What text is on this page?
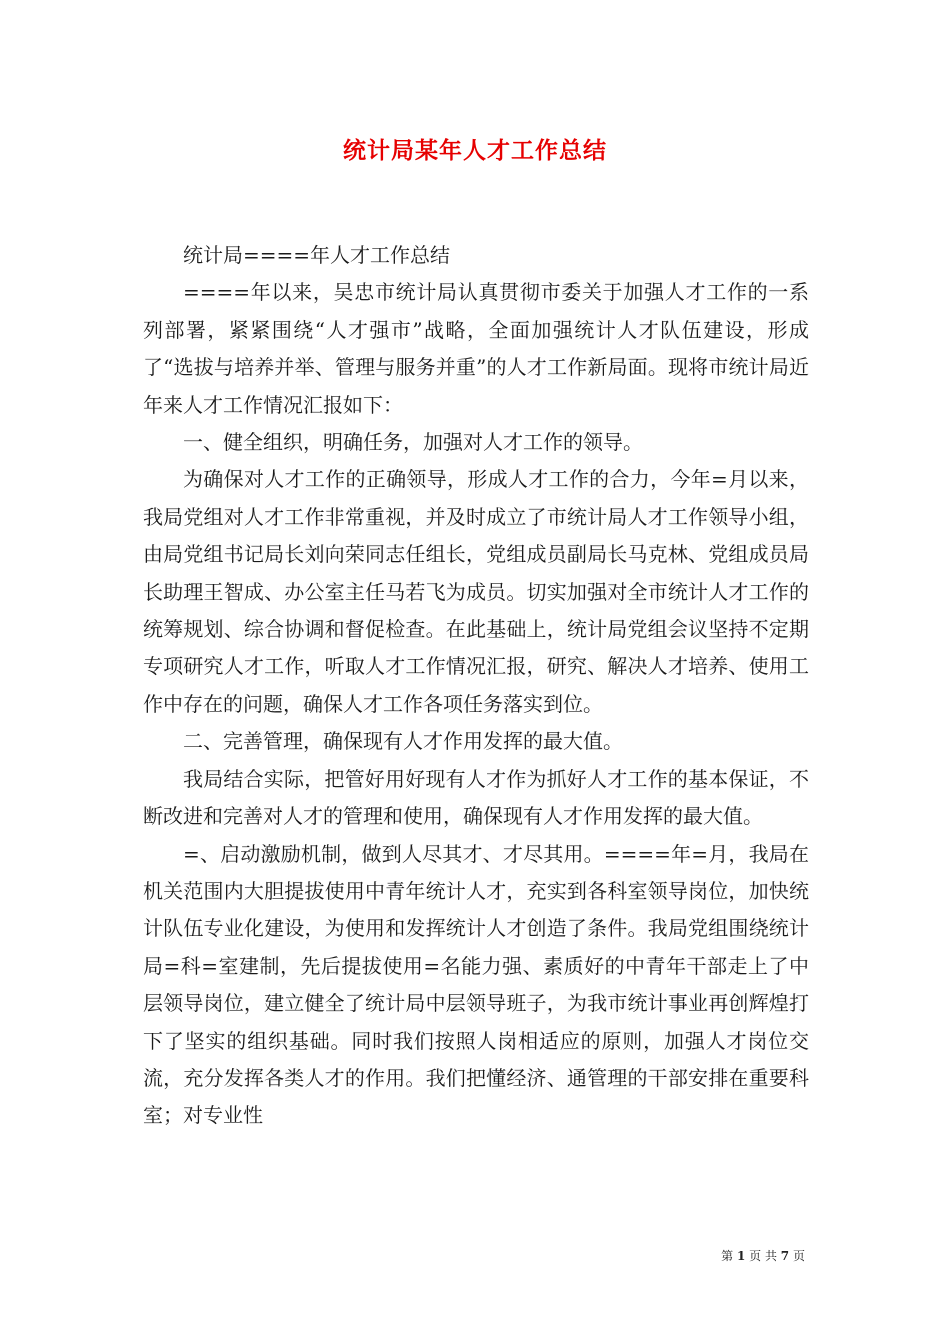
统计局某年人才工作总结

统计局====年人才工作总结

====年以来，吴忠市统计局认真贯彻市委关于加强人才工作的一系列部署，紧紧围绕“人才强市”战略，全面加强统计人才队伍建设，形成了“选拔与培养并举、管理与服务并重”的人才工作新局面。现将市统计局近年来人才工作情况汇报如下：

一、健全组织，明确任务，加强对人才工作的领导。

为确保对人才工作的正确领导，形成人才工作的合力，今年=月以来，我局党组对人才工作非常重视，并及时成立了市统计局人才工作领导小组，由局党组书记局长刘向荣同志任组长，党组成员副局长马克林、党组成员局长助理王智成、办公室主任马若飞为成员。切实加强对全市统计人才工作的统筹规划、综合协调和督促检查。在此基础上，统计局党组会议坚持不定期专项研究人才工作，听取人才工作情况汇报，研究、解决人才培养、使用工作中存在的问题，确保人才工作各项任务落实到位。

二、完善管理，确保现有人才作用发挥的最大值。

我局结合实际，把管好用好现有人才作为抓好人才工作的基本保证，不断改进和完善对人才的管理和使用，确保现有人才作用发挥的最大值。

=、启动激励机制，做到人尽其才、才尽其用。====年=月，我局在机关范围内大胆提拔使用中青年统计人才，充实到各科室领导岗位，加快统计队伍专业化建设，为使用和发挥统计人才创造了条件。我局党组围绕统计局=科=室建制，先后提拔使用=名能力强、素质好的中青年干部走上了中层领导岗位，建立健全了统计局中层领导班子，为我市统计事业再创辉煌打下了坚实的组织基础。同时我们按照人岗相适应的原则，加强人才岗位交流，充分发挥各类人才的作用。我们把懂经济、通管理的干部安排在重要科室；对专业性

第 1 页 共 7 页
